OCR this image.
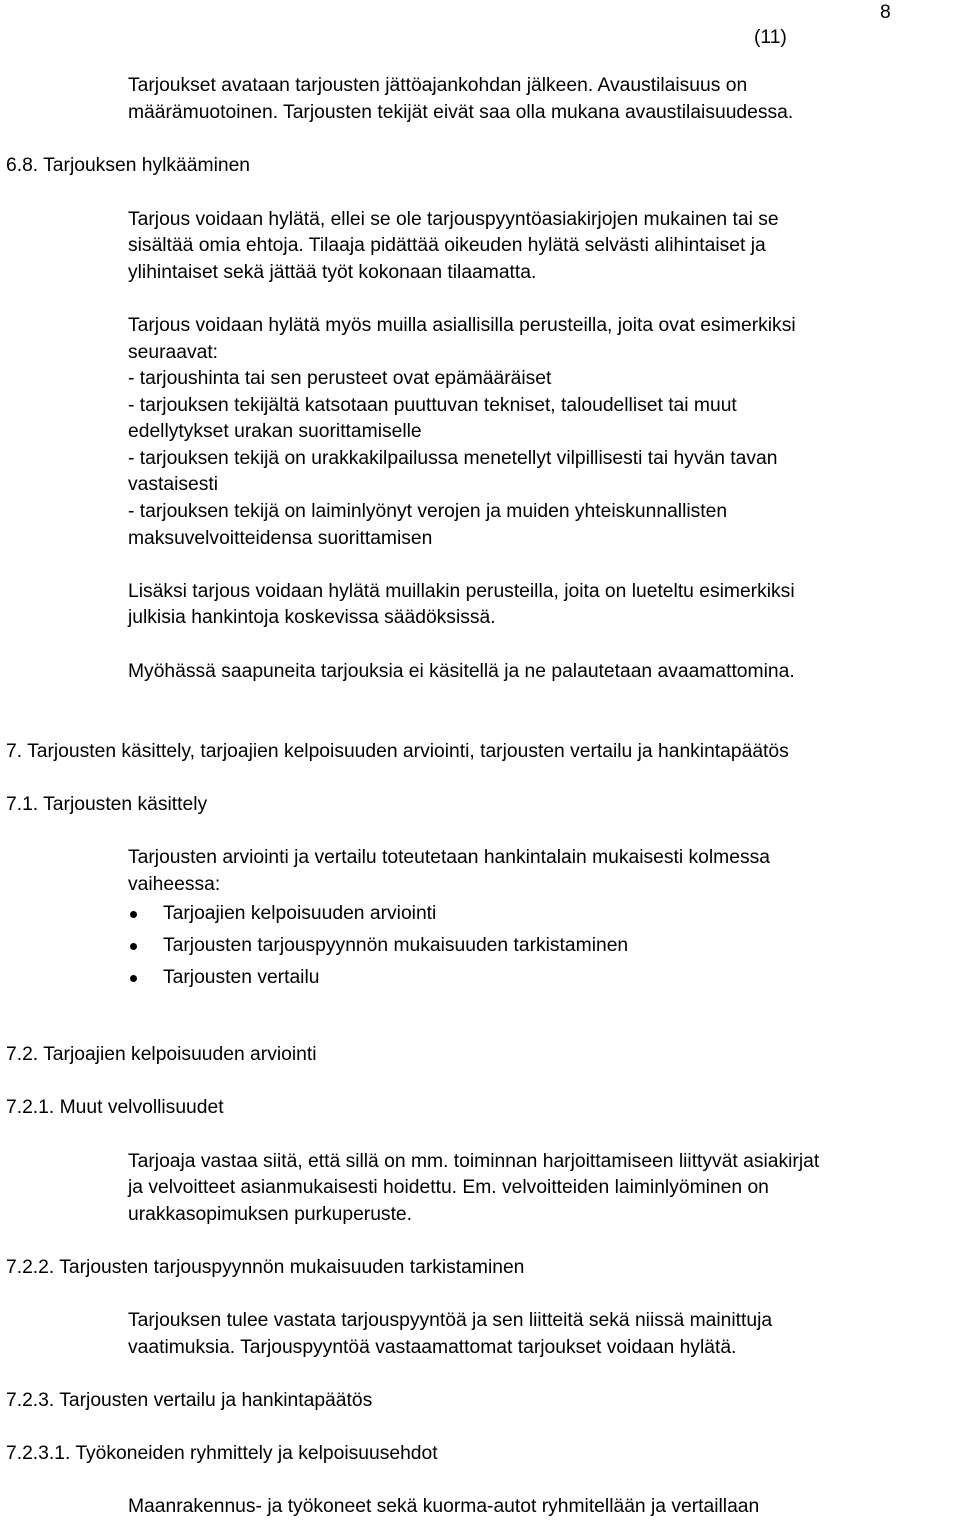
8
(11)

Tarjoukset avataan tarjousten jättöajankohdan jälkeen. Avaustilaisuus on

määrämuotoinen. Tarjousten tekijät eivät saa olla mukana avaustilaisuudessa.

6.8. Tarjouksen hylkääminen

Tarjous voidaan hylätä, ellei se ole tarjouspyyntöasiakirjojen mukainen tai se

sisältää omia ehtoja. Tilaaja pidättää oikeuden hylätä selvästi alihintaiset ja

ylihintaiset sekä jättää työt kokonaan tilaamatta.

Tarjous voidaan hylätä myös muilla asiallisilla perusteilla, joita ovat esimerkiksi

seuraavat:

- tarjoushinta tai sen perusteet ovat epämääräiset

- tarjouksen tekijältä katsotaan puuttuvan tekniset, taloudelliset tai muut

edellytykset urakan suorittamiselle

- tarjouksen tekijä on urakkakilpailussa menetellyt vilpillisesti tai hyvän tavan

vastaisesti

- tarjouksen tekijä on laiminlyönyt verojen ja muiden yhteiskunnallisten

maksuvelvoitteidensa suorittamisen

Lisäksi tarjous voidaan hylätä muillakin perusteilla, joita on lueteltu esimerkiksi

julkisia hankintoja koskevissa säädöksissä.

Myöhässä saapuneita tarjouksia ei käsitellä ja ne palautetaan avaamattomina.

7. Tarjousten käsittely, tarjoajien kelpoisuuden arviointi, tarjousten vertailu ja hankintapäätös
7.1. Tarjousten käsittely

Tarjousten arviointi ja vertailu toteutetaan hankintalain mukaisesti kolmessa

vaiheessa:

Tarjoajien kelpoisuuden arviointi
Tarjousten tarjouspyynnön mukaisuuden tarkistaminen
Tarjousten vertailu
7.2. Tarjoajien kelpoisuuden arviointi
7.2.1. Muut velvollisuudet

Tarjoaja vastaa siitä, että sillä on mm. toiminnan harjoittamiseen liittyvät asiakirjat

ja velvoitteet asianmukaisesti hoidettu. Em. velvoitteiden laiminlyöminen on

urakkasopimuksen purkuperuste.

7.2.2. Tarjousten tarjouspyynnön mukaisuuden tarkistaminen

Tarjouksen tulee vastata tarjouspyyntöä ja sen liitteitä sekä niissä mainittuja

vaatimuksia. Tarjouspyyntöä vastaamattomat tarjoukset voidaan hylätä.

7.2.3. Tarjousten vertailu ja hankintapäätös
7.2.3.1. Työkoneiden ryhmittely ja kelpoisuusehdot

Maanrakennus- ja työkoneet sekä kuorma-autot ryhmitellään ja vertaillaan
